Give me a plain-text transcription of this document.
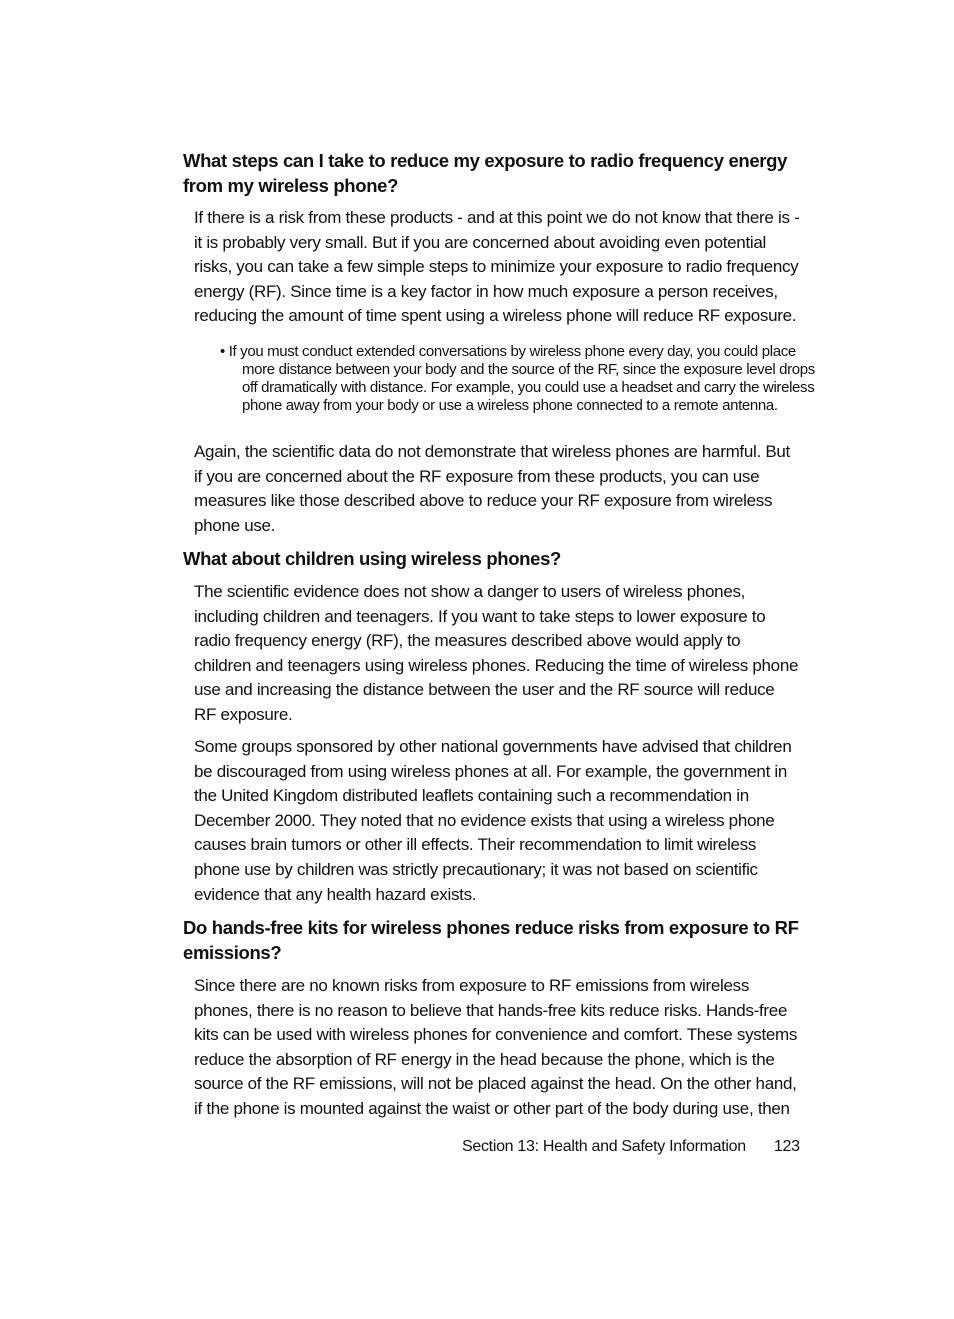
What steps can I take to reduce my exposure to radio frequency energy from my wireless phone?

If there is a risk from these products - and at this point we do not know that there is - it is probably very small. But if you are concerned about avoiding even potential risks, you can take a few simple steps to minimize your exposure to radio frequency energy (RF). Since time is a key factor in how much exposure a person receives, reducing the amount of time spent using a wireless phone will reduce RF exposure.

• If you must conduct extended conversations by wireless phone every day, you could place more distance between your body and the source of the RF, since the exposure level drops off dramatically with distance. For example, you could use a headset and carry the wireless phone away from your body or use a wireless phone connected to a remote antenna.

Again, the scientific data do not demonstrate that wireless phones are harmful. But if you are concerned about the RF exposure from these products, you can use measures like those described above to reduce your RF exposure from wireless phone use.

What about children using wireless phones?

The scientific evidence does not show a danger to users of wireless phones, including children and teenagers. If you want to take steps to lower exposure to radio frequency energy (RF), the measures described above would apply to children and teenagers using wireless phones. Reducing the time of wireless phone use and increasing the distance between the user and the RF source will reduce RF exposure.

Some groups sponsored by other national governments have advised that children be discouraged from using wireless phones at all. For example, the government in the United Kingdom distributed leaflets containing such a recommendation in December 2000. They noted that no evidence exists that using a wireless phone causes brain tumors or other ill effects. Their recommendation to limit wireless phone use by children was strictly precautionary; it was not based on scientific evidence that any health hazard exists.

Do hands-free kits for wireless phones reduce risks from exposure to RF emissions?

Since there are no known risks from exposure to RF emissions from wireless phones, there is no reason to believe that hands-free kits reduce risks. Hands-free kits can be used with wireless phones for convenience and comfort. These systems reduce the absorption of RF energy in the head because the phone, which is the source of the RF emissions, will not be placed against the head. On the other hand, if the phone is mounted against the waist or other part of the body during use, then

Section 13: Health and Safety Information 123
